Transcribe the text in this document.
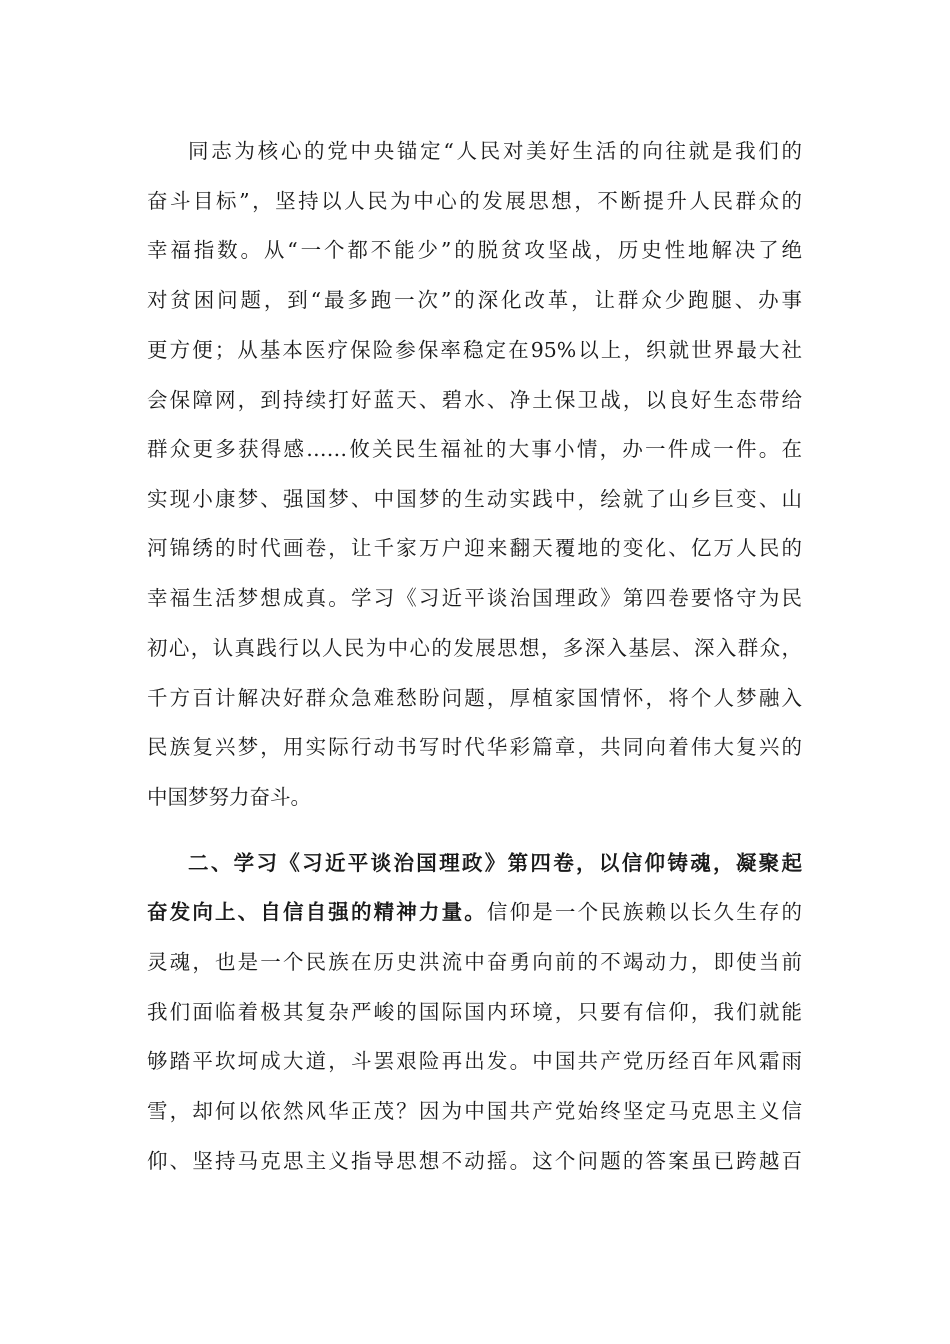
同志为核心的党中央锚定“人民对美好生活的向往就是我们的
奋斗目标”，坚持以人民为中心的发展思想，不断提升人民群众的
幸福指数。从“一个都不能少”的脱贫攻坚战，历史性地解决了绝
对贫困问题，到“最多跑一次”的深化改革，让群众少跑腿、办事
更方便；从基本医疗保险参保率稳定在95%以上，织就世界最大社
会保障网，到持续打好蓝天、碧水、净土保卫战，以良好生态带给
群众更多获得感……攸关民生福祉的大事小情，办一件成一件。在
实现小康梦、强国梦、中国梦的生动实践中，绘就了山乡巨变、山
河锦绣的时代画卷，让千家万户迎来翻天覆地的变化、亿万人民的
幸福生活梦想成真。学习《习近平谈治国理政》第四卷要恪守为民
初心，认真践行以人民为中心的发展思想，多深入基层、深入群众，
千方百计解决好群众急难愁盼问题，厚植家国情怀，将个人梦融入
民族复兴梦，用实际行动书写时代华彩篇章，共同向着伟大复兴的
中国梦努力奋斗。
二、学习《习近平谈治国理政》第四卷，以信仰铸魂，凝聚起
奋发向上、自信自强的精神力量。信仰是一个民族赖以长久生存的
灵魂，也是一个民族在历史洪流中奋勇向前的不竭动力，即使当前
我们面临着极其复杂严峻的国际国内环境，只要有信仰，我们就能
够踏平坎坷成大道，斗罢艰险再出发。中国共产党历经百年风霜雨
雪，却何以依然风华正茂？因为中国共产党始终坚定马克思主义信
仰、坚持马克思主义指导思想不动摇。这个问题的答案虽已跨越百
